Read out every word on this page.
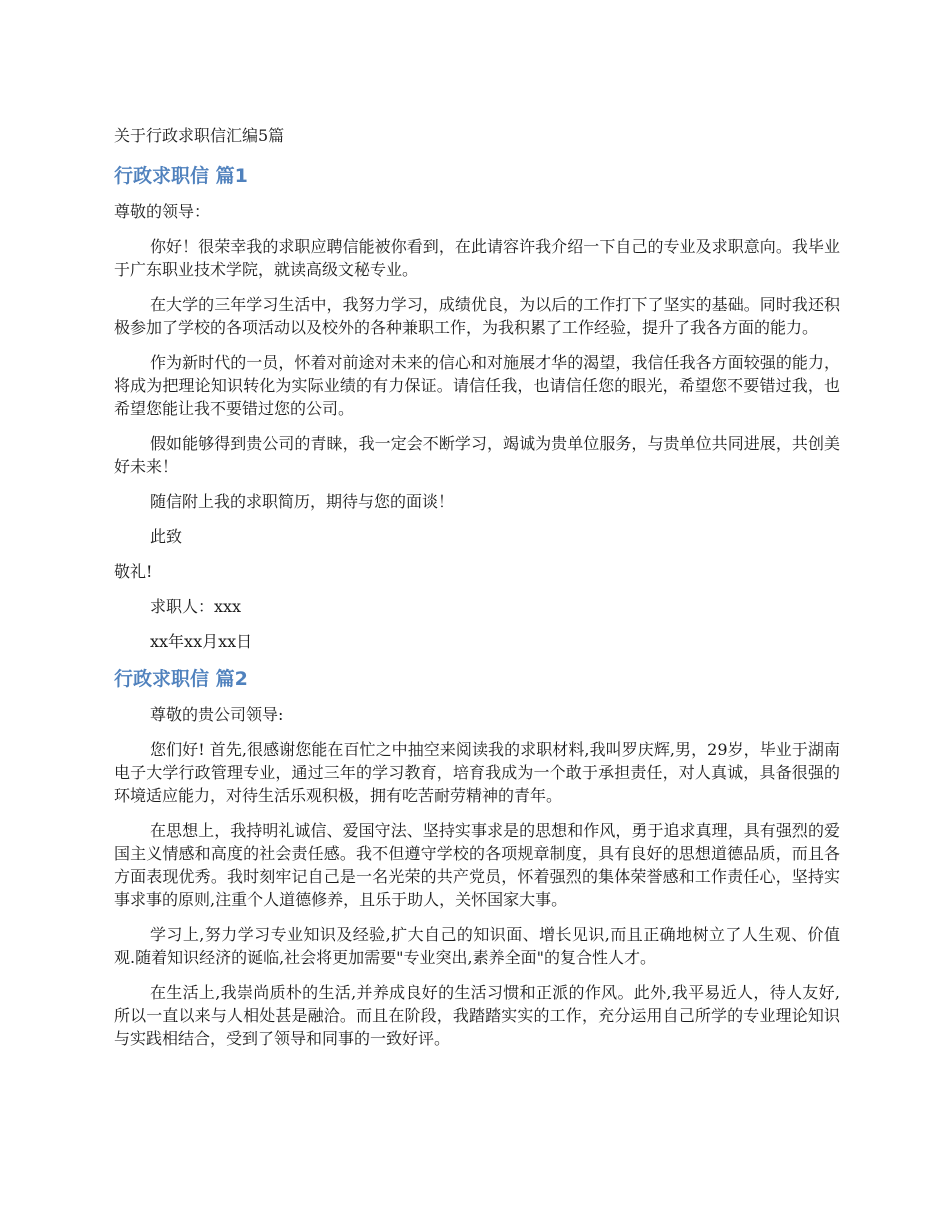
关于行政求职信汇编5篇
行政求职信 篇1
尊敬的领导：
你好！很荣幸我的求职应聘信能被你看到，在此请容许我介绍一下自己的专业及求职意向。我毕业于广东职业技术学院，就读高级文秘专业。
在大学的三年学习生活中，我努力学习，成绩优良，为以后的工作打下了坚实的基础。同时我还积极参加了学校的各项活动以及校外的各种兼职工作，为我积累了工作经验，提升了我各方面的能力。
作为新时代的一员，怀着对前途对未来的信心和对施展才华的渴望，我信任我各方面较强的能力，将成为把理论知识转化为实际业绩的有力保证。请信任我，也请信任您的眼光，希望您不要错过我，也希望您能让我不要错过您的公司。
假如能够得到贵公司的青睐，我一定会不断学习，竭诚为贵单位服务，与贵单位共同进展，共创美好未来！
随信附上我的求职简历，期待与您的面谈！
此致
敬礼!
求职人：xxx
xx年xx月xx日
行政求职信 篇2
尊敬的贵公司领导:
您们好! 首先,很感谢您能在百忙之中抽空来阅读我的求职材料,我叫罗庆辉,男，29岁，毕业于湖南电子大学行政管理专业，通过三年的学习教育，培育我成为一个敢于承担责任，对人真诚，具备很强的环境适应能力，对待生活乐观积极，拥有吃苦耐劳精神的青年。
在思想上，我持明礼诚信、爱国守法、坚持实事求是的思想和作风，勇于追求真理，具有强烈的爱国主义情感和高度的社会责任感。我不但遵守学校的各项规章制度，具有良好的思想道德品质，而且各方面表现优秀。我时刻牢记自己是一名光荣的共产党员，怀着强烈的集体荣誉感和工作责任心，坚持实事求事的原则,注重个人道德修养，且乐于助人，关怀国家大事。
学习上,努力学习专业知识及经验,扩大自己的知识面、增长见识,而且正确地树立了人生观、价值观.随着知识经济的诞临,社会将更加需要"专业突出,素养全面"的复合性人才。
在生活上,我崇尚质朴的生活,并养成良好的生活习惯和正派的作风。此外,我平易近人，待人友好,所以一直以来与人相处甚是融洽。而且在阶段，我踏踏实实的工作，充分运用自己所学的专业理论知识与实践相结合，受到了领导和同事的一致好评。
